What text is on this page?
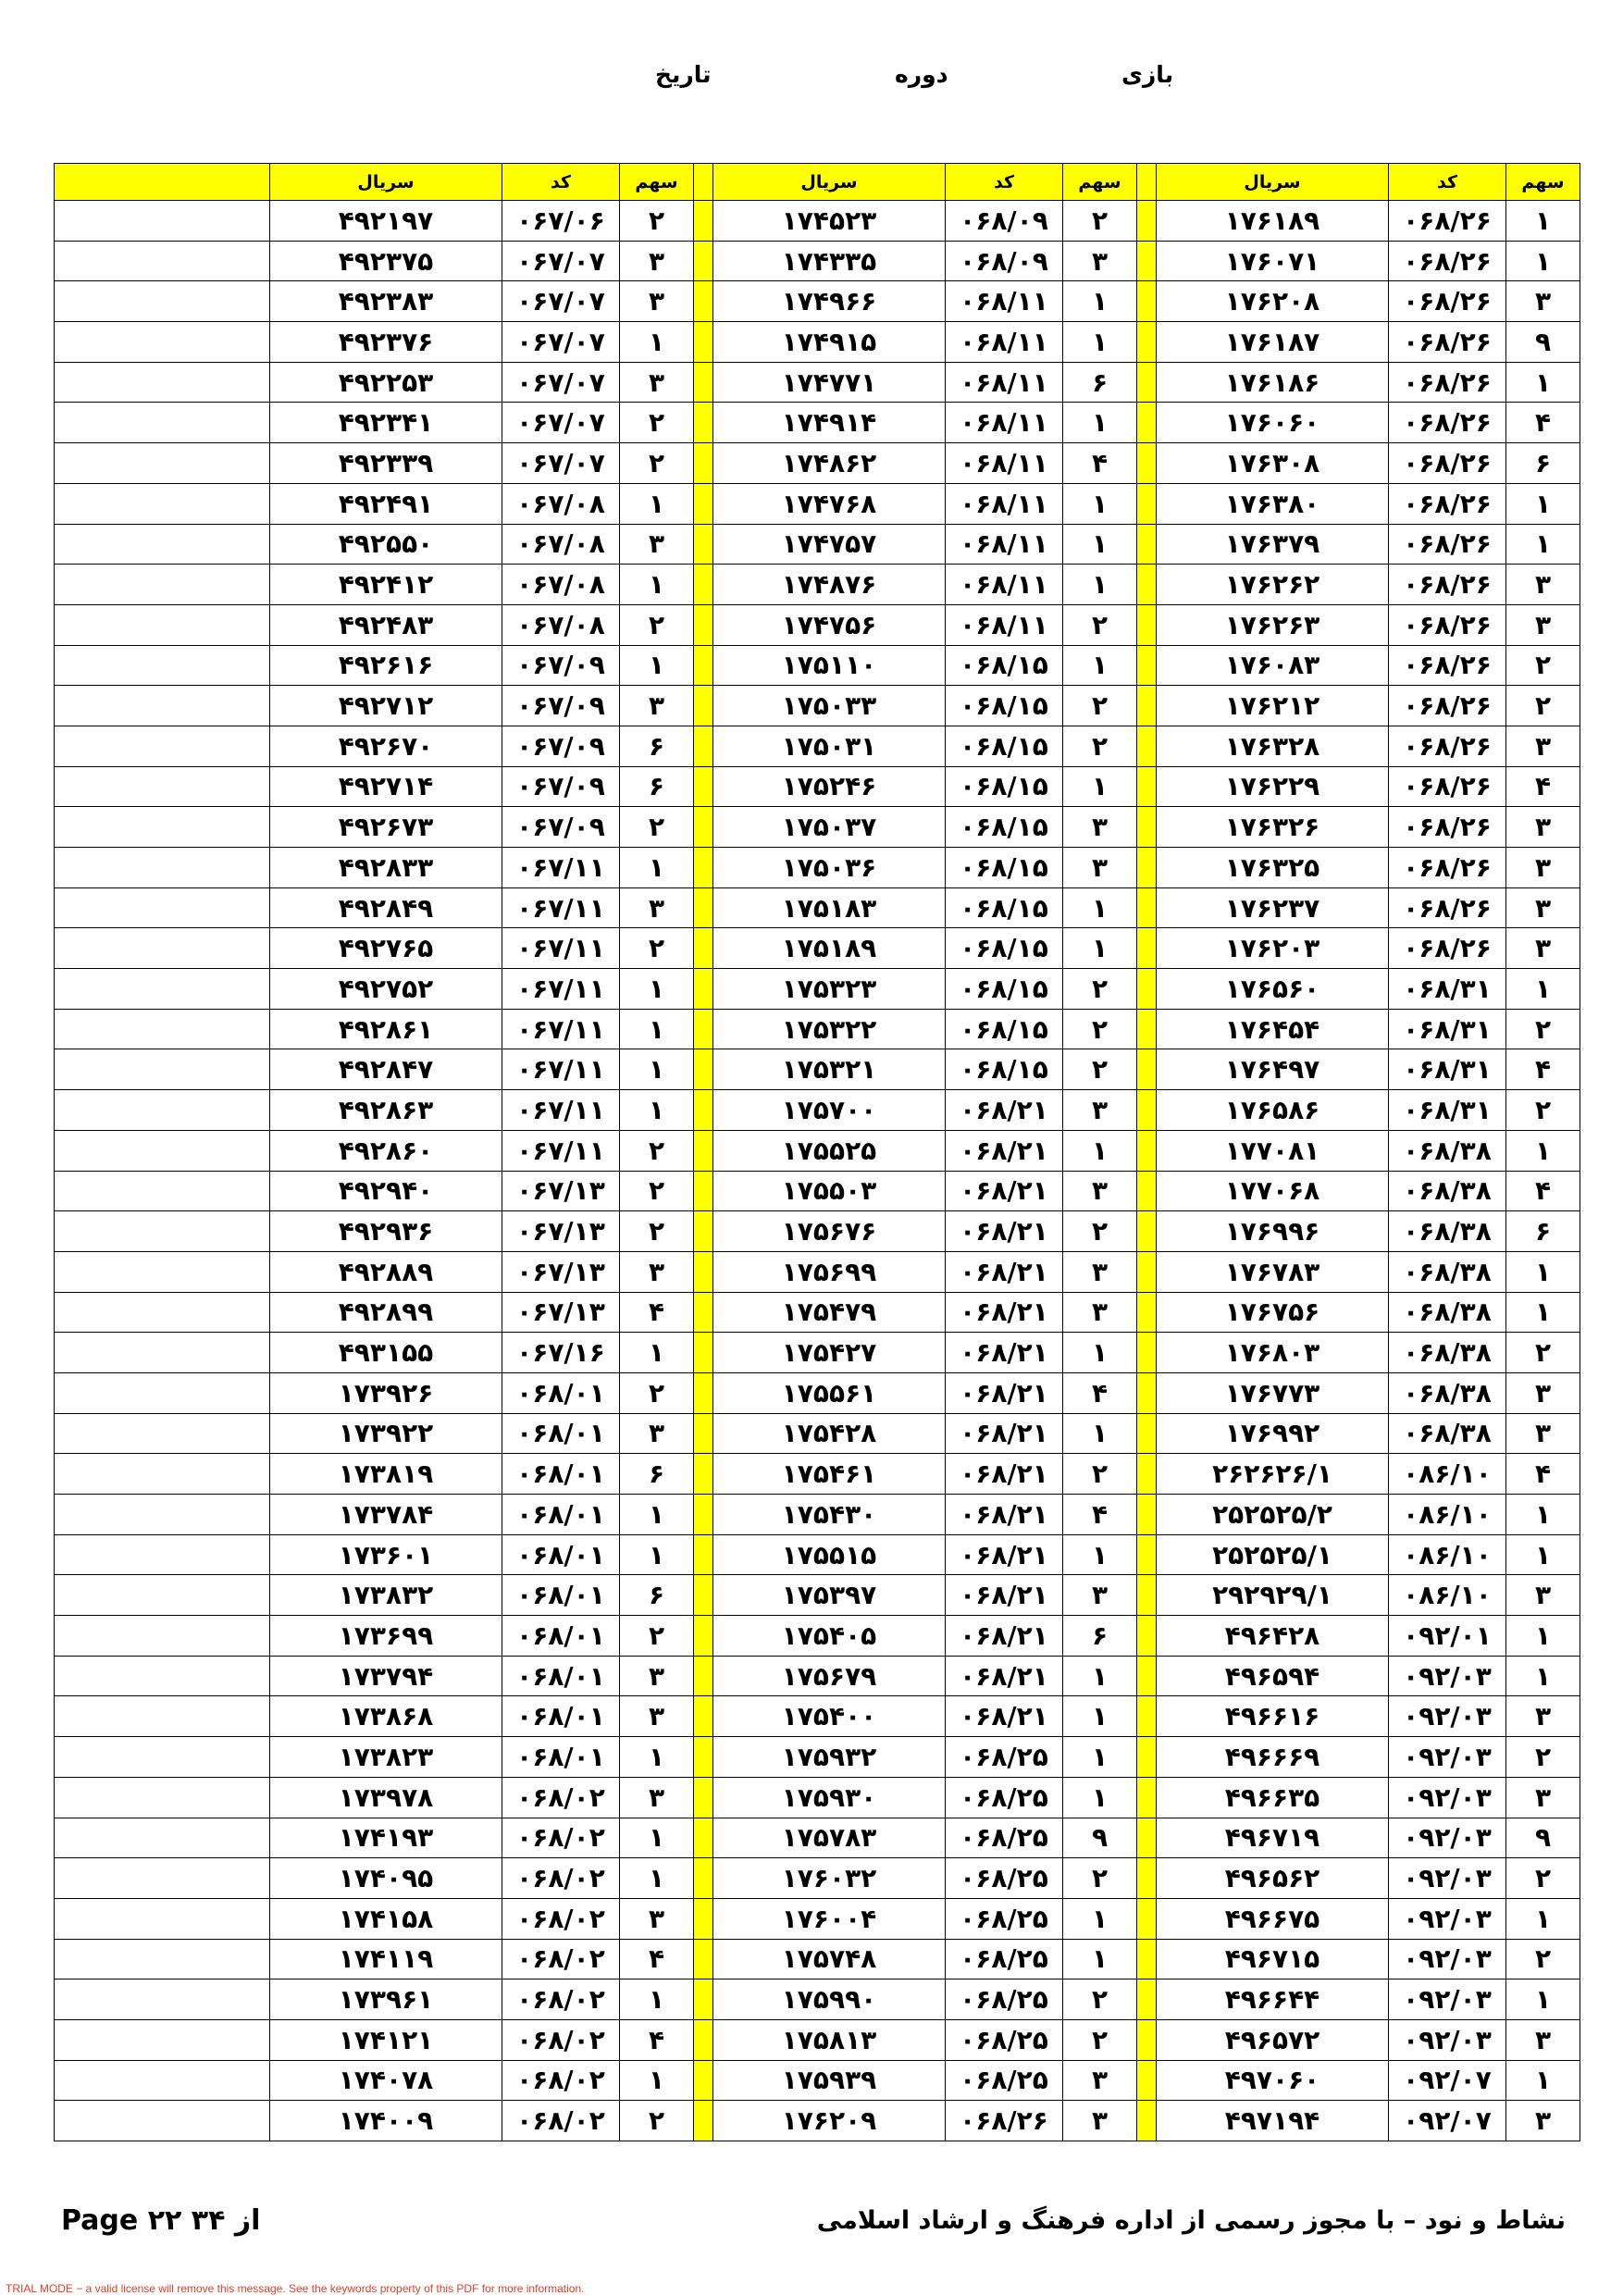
بازی
دوره
تاریخ
سهم	کد	سریال		سهم	کد	سریال		سهم	کد	سریال	
۱	۰۶۸/۲۶	۱۷۶۱۸۹		۲	۰۶۸/۰۹	۱۷۴۵۲۳		۲	۰۶۷/۰۶	۴۹۲۱۹۷	
۱	۰۶۸/۲۶	۱۷۶۰۷۱		۳	۰۶۸/۰۹	۱۷۴۳۳۵		۳	۰۶۷/۰۷	۴۹۲۳۷۵	
۳	۰۶۸/۲۶	۱۷۶۲۰۸		۱	۰۶۸/۱۱	۱۷۴۹۶۶		۳	۰۶۷/۰۷	۴۹۲۳۸۳	
۹	۰۶۸/۲۶	۱۷۶۱۸۷		۱	۰۶۸/۱۱	۱۷۴۹۱۵		۱	۰۶۷/۰۷	۴۹۲۳۷۶	
۱	۰۶۸/۲۶	۱۷۶۱۸۶		۶	۰۶۸/۱۱	۱۷۴۷۷۱		۳	۰۶۷/۰۷	۴۹۲۲۵۳	
۴	۰۶۸/۲۶	۱۷۶۰۶۰		۱	۰۶۸/۱۱	۱۷۴۹۱۴		۲	۰۶۷/۰۷	۴۹۲۳۴۱	
۶	۰۶۸/۲۶	۱۷۶۳۰۸		۴	۰۶۸/۱۱	۱۷۴۸۶۲		۲	۰۶۷/۰۷	۴۹۲۳۳۹	
۱	۰۶۸/۲۶	۱۷۶۳۸۰		۱	۰۶۸/۱۱	۱۷۴۷۶۸		۱	۰۶۷/۰۸	۴۹۲۴۹۱	
۱	۰۶۸/۲۶	۱۷۶۳۷۹		۱	۰۶۸/۱۱	۱۷۴۷۵۷		۳	۰۶۷/۰۸	۴۹۲۵۵۰	
۳	۰۶۸/۲۶	۱۷۶۲۶۲		۱	۰۶۸/۱۱	۱۷۴۸۷۶		۱	۰۶۷/۰۸	۴۹۲۴۱۲	
۳	۰۶۸/۲۶	۱۷۶۲۶۳		۲	۰۶۸/۱۱	۱۷۴۷۵۶		۲	۰۶۷/۰۸	۴۹۲۴۸۳	
۲	۰۶۸/۲۶	۱۷۶۰۸۳		۱	۰۶۸/۱۵	۱۷۵۱۱۰		۱	۰۶۷/۰۹	۴۹۲۶۱۶	
۲	۰۶۸/۲۶	۱۷۶۲۱۲		۲	۰۶۸/۱۵	۱۷۵۰۳۳		۳	۰۶۷/۰۹	۴۹۲۷۱۲	
۳	۰۶۸/۲۶	۱۷۶۳۲۸		۲	۰۶۸/۱۵	۱۷۵۰۳۱		۶	۰۶۷/۰۹	۴۹۲۶۷۰	
۴	۰۶۸/۲۶	۱۷۶۲۲۹		۱	۰۶۸/۱۵	۱۷۵۲۴۶		۶	۰۶۷/۰۹	۴۹۲۷۱۴	
۳	۰۶۸/۲۶	۱۷۶۳۲۶		۳	۰۶۸/۱۵	۱۷۵۰۳۷		۲	۰۶۷/۰۹	۴۹۲۶۷۳	
۳	۰۶۸/۲۶	۱۷۶۳۲۵		۳	۰۶۸/۱۵	۱۷۵۰۳۶		۱	۰۶۷/۱۱	۴۹۲۸۳۳	
۳	۰۶۸/۲۶	۱۷۶۲۳۷		۱	۰۶۸/۱۵	۱۷۵۱۸۳		۳	۰۶۷/۱۱	۴۹۲۸۴۹	
۳	۰۶۸/۲۶	۱۷۶۲۰۳		۱	۰۶۸/۱۵	۱۷۵۱۸۹		۲	۰۶۷/۱۱	۴۹۲۷۶۵	
۱	۰۶۸/۳۱	۱۷۶۵۶۰		۲	۰۶۸/۱۵	۱۷۵۳۲۳		۱	۰۶۷/۱۱	۴۹۲۷۵۲	
۲	۰۶۸/۳۱	۱۷۶۴۵۴		۲	۰۶۸/۱۵	۱۷۵۳۲۲		۱	۰۶۷/۱۱	۴۹۲۸۶۱	
۴	۰۶۸/۳۱	۱۷۶۴۹۷		۲	۰۶۸/۱۵	۱۷۵۳۲۱		۱	۰۶۷/۱۱	۴۹۲۸۴۷	
۲	۰۶۸/۳۱	۱۷۶۵۸۶		۳	۰۶۸/۲۱	۱۷۵۷۰۰		۱	۰۶۷/۱۱	۴۹۲۸۶۳	
۱	۰۶۸/۳۸	۱۷۷۰۸۱		۱	۰۶۸/۲۱	۱۷۵۵۲۵		۲	۰۶۷/۱۱	۴۹۲۸۶۰	
۴	۰۶۸/۳۸	۱۷۷۰۶۸		۳	۰۶۸/۲۱	۱۷۵۵۰۳		۲	۰۶۷/۱۳	۴۹۲۹۴۰	
۶	۰۶۸/۳۸	۱۷۶۹۹۶		۲	۰۶۸/۲۱	۱۷۵۶۷۶		۲	۰۶۷/۱۳	۴۹۲۹۳۶	
۱	۰۶۸/۳۸	۱۷۶۷۸۳		۳	۰۶۸/۲۱	۱۷۵۶۹۹		۳	۰۶۷/۱۳	۴۹۲۸۸۹	
۱	۰۶۸/۳۸	۱۷۶۷۵۶		۳	۰۶۸/۲۱	۱۷۵۴۷۹		۴	۰۶۷/۱۳	۴۹۲۸۹۹	
۲	۰۶۸/۳۸	۱۷۶۸۰۳		۱	۰۶۸/۲۱	۱۷۵۴۲۷		۱	۰۶۷/۱۶	۴۹۳۱۵۵	
۳	۰۶۸/۳۸	۱۷۶۷۷۳		۴	۰۶۸/۲۱	۱۷۵۵۶۱		۲	۰۶۸/۰۱	۱۷۳۹۲۶	
۳	۰۶۸/۳۸	۱۷۶۹۹۲		۱	۰۶۸/۲۱	۱۷۵۴۲۸		۳	۰۶۸/۰۱	۱۷۳۹۲۲	
۴	۰۸۶/۱۰	۲۶۲۶۲۶/۱		۲	۰۶۸/۲۱	۱۷۵۴۶۱		۶	۰۶۸/۰۱	۱۷۳۸۱۹	
۱	۰۸۶/۱۰	۲۵۲۵۲۵/۲		۴	۰۶۸/۲۱	۱۷۵۴۳۰		۱	۰۶۸/۰۱	۱۷۳۷۸۴	
۱	۰۸۶/۱۰	۲۵۲۵۲۵/۱		۱	۰۶۸/۲۱	۱۷۵۵۱۵		۱	۰۶۸/۰۱	۱۷۳۶۰۱	
۳	۰۸۶/۱۰	۲۹۲۹۲۹/۱		۳	۰۶۸/۲۱	۱۷۵۳۹۷		۶	۰۶۸/۰۱	۱۷۳۸۳۲	
۱	۰۹۲/۰۱	۴۹۶۴۲۸		۶	۰۶۸/۲۱	۱۷۵۴۰۵		۲	۰۶۸/۰۱	۱۷۳۶۹۹	
۱	۰۹۲/۰۳	۴۹۶۵۹۴		۱	۰۶۸/۲۱	۱۷۵۶۷۹		۳	۰۶۸/۰۱	۱۷۳۷۹۴	
۳	۰۹۲/۰۳	۴۹۶۶۱۶		۱	۰۶۸/۲۱	۱۷۵۴۰۰		۳	۰۶۸/۰۱	۱۷۳۸۶۸	
۲	۰۹۲/۰۳	۴۹۶۶۶۹		۱	۰۶۸/۲۵	۱۷۵۹۳۲		۱	۰۶۸/۰۱	۱۷۳۸۲۳	
۳	۰۹۲/۰۳	۴۹۶۶۳۵		۱	۰۶۸/۲۵	۱۷۵۹۳۰		۳	۰۶۸/۰۲	۱۷۳۹۷۸	
۹	۰۹۲/۰۳	۴۹۶۷۱۹		۹	۰۶۸/۲۵	۱۷۵۷۸۳		۱	۰۶۸/۰۲	۱۷۴۱۹۳	
۲	۰۹۲/۰۳	۴۹۶۵۶۲		۲	۰۶۸/۲۵	۱۷۶۰۳۲		۱	۰۶۸/۰۲	۱۷۴۰۹۵	
۱	۰۹۲/۰۳	۴۹۶۶۷۵		۱	۰۶۸/۲۵	۱۷۶۰۰۴		۳	۰۶۸/۰۲	۱۷۴۱۵۸	
۲	۰۹۲/۰۳	۴۹۶۷۱۵		۱	۰۶۸/۲۵	۱۷۵۷۴۸		۴	۰۶۸/۰۲	۱۷۴۱۱۹	
۱	۰۹۲/۰۳	۴۹۶۶۴۴		۲	۰۶۸/۲۵	۱۷۵۹۹۰		۱	۰۶۸/۰۲	۱۷۳۹۶۱	
۳	۰۹۲/۰۳	۴۹۶۵۷۲		۲	۰۶۸/۲۵	۱۷۵۸۱۳		۴	۰۶۸/۰۲	۱۷۴۱۲۱	
۱	۰۹۲/۰۷	۴۹۷۰۶۰		۳	۰۶۸/۲۵	۱۷۵۹۳۹		۱	۰۶۸/۰۲	۱۷۴۰۷۸	
۳	۰۹۲/۰۷	۴۹۷۱۹۴		۳	۰۶۸/۲۶	۱۷۶۲۰۹		۲	۰۶۸/۰۲	۱۷۴۰۰۹	
نشاط و نود – با مجوز رسمی از اداره فرهنگ و ارشاد اسلامی
Page ۲۲ ۳۴ از
TRIAL MODE − a valid license will remove this message. See the keywords property of this PDF for more information.
